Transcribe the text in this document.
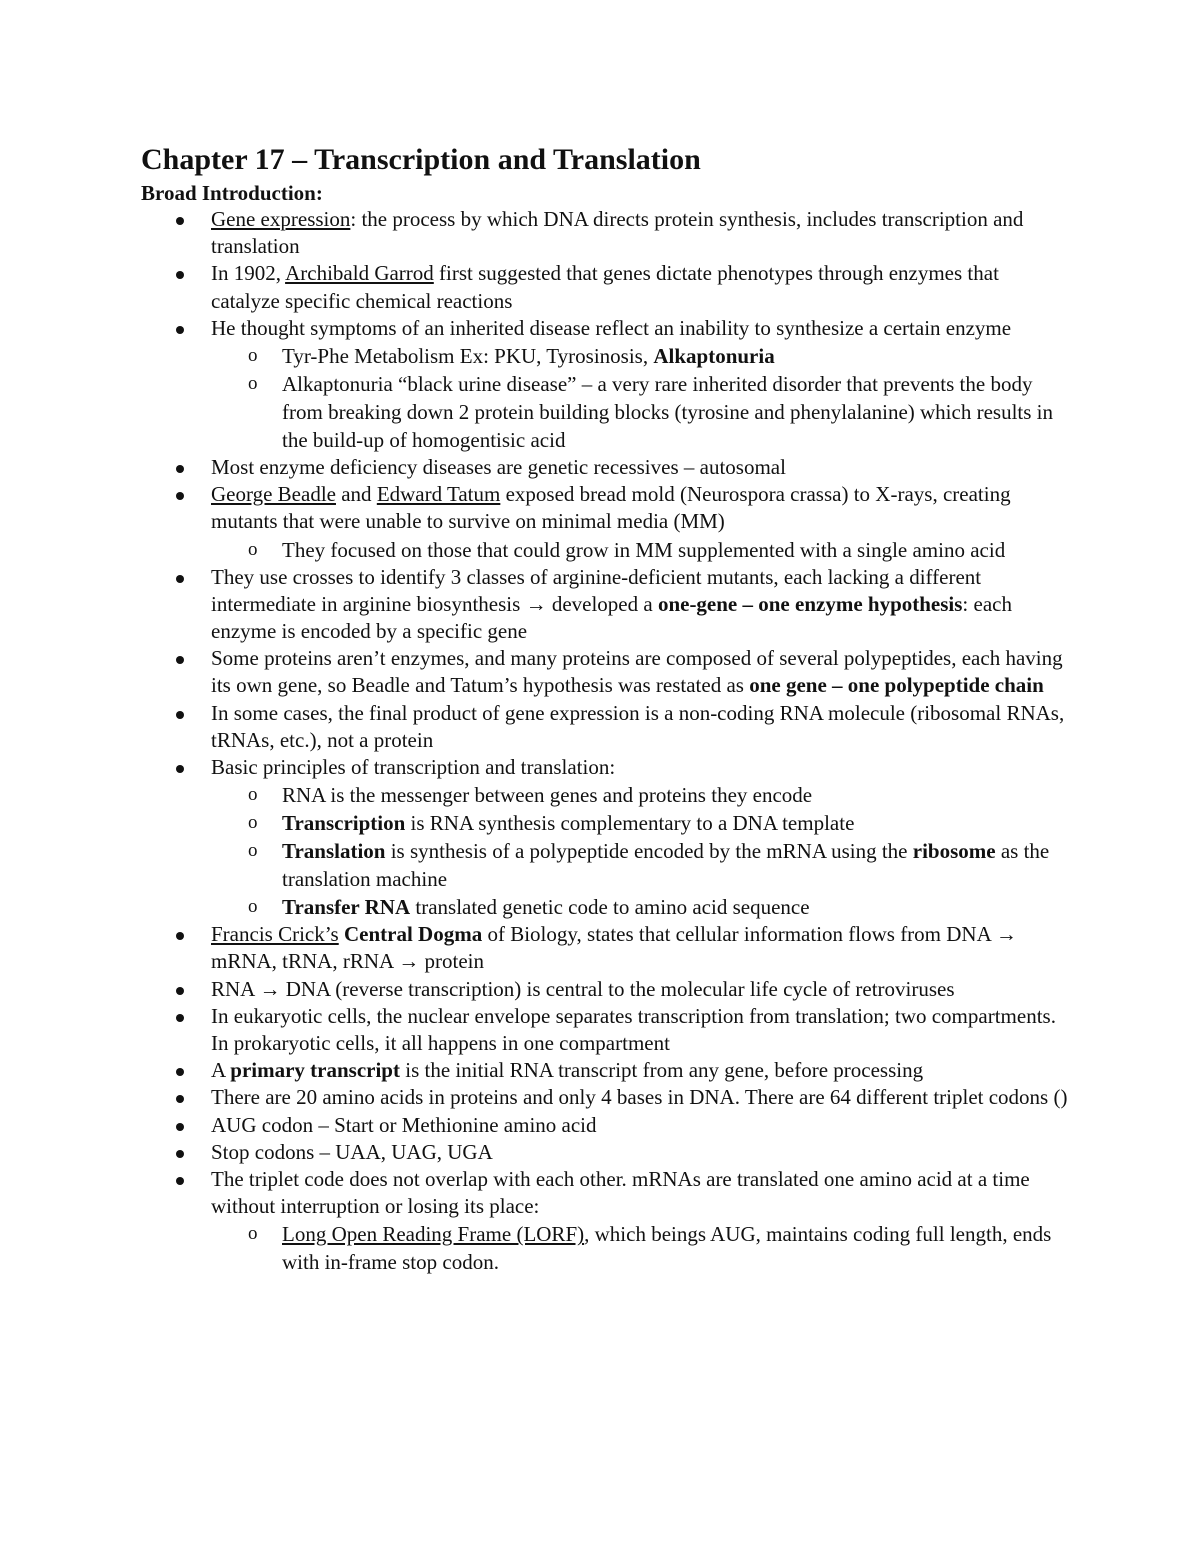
Chapter 17 – Transcription and Translation
Broad Introduction:
Gene expression: the process by which DNA directs protein synthesis, includes transcription and translation
In 1902, Archibald Garrod first suggested that genes dictate phenotypes through enzymes that catalyze specific chemical reactions
He thought symptoms of an inherited disease reflect an inability to synthesize a certain enzyme
o Tyr-Phe Metabolism Ex: PKU, Tyrosinosis, Alkaptonuria
o Alkaptonuria “black urine disease” – a very rare inherited disorder that prevents the body from breaking down 2 protein building blocks (tyrosine and phenylalanine) which results in the build-up of homogentisic acid
Most enzyme deficiency diseases are genetic recessives – autosomal
George Beadle and Edward Tatum exposed bread mold (Neurospora crassa) to X-rays, creating mutants that were unable to survive on minimal media (MM)
o They focused on those that could grow in MM supplemented with a single amino acid
They use crosses to identify 3 classes of arginine-deficient mutants, each lacking a different intermediate in arginine biosynthesis → developed a one-gene – one enzyme hypothesis: each enzyme is encoded by a specific gene
Some proteins aren’t enzymes, and many proteins are composed of several polypeptides, each having its own gene, so Beadle and Tatum’s hypothesis was restated as one gene – one polypeptide chain
In some cases, the final product of gene expression is a non-coding RNA molecule (ribosomal RNAs, tRNAs, etc.), not a protein
Basic principles of transcription and translation:
o RNA is the messenger between genes and proteins they encode
o Transcription is RNA synthesis complementary to a DNA template
o Translation is synthesis of a polypeptide encoded by the mRNA using the ribosome as the translation machine
o Transfer RNA translated genetic code to amino acid sequence
Francis Crick’s Central Dogma of Biology, states that cellular information flows from DNA → mRNA, tRNA, rRNA → protein
RNA → DNA (reverse transcription) is central to the molecular life cycle of retroviruses
In eukaryotic cells, the nuclear envelope separates transcription from translation; two compartments. In prokaryotic cells, it all happens in one compartment
A primary transcript is the initial RNA transcript from any gene, before processing
There are 20 amino acids in proteins and only 4 bases in DNA. There are 64 different triplet codons ()
AUG codon – Start or Methionine amino acid
Stop codons – UAA, UAG, UGA
The triplet code does not overlap with each other. mRNAs are translated one amino acid at a time without interruption or losing its place:
o Long Open Reading Frame (LORF), which beings AUG, maintains coding full length, ends with in-frame stop codon.
